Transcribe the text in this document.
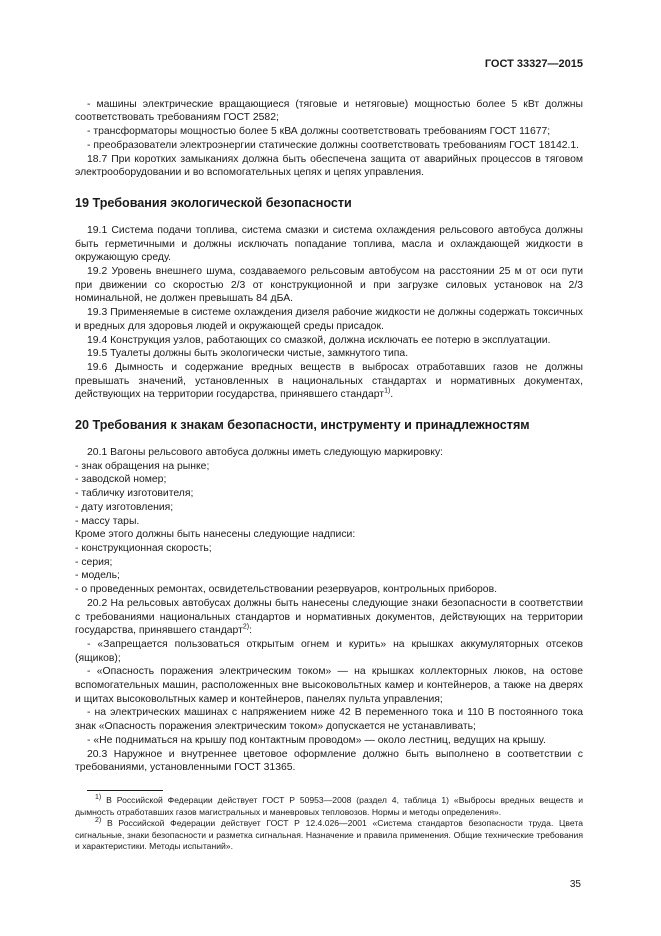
ГОСТ 33327—2015

- машины электрические вращающиеся (тяговые и нетяговые) мощностью более 5 кВт должны соответствовать требованиям ГОСТ 2582;

- трансформаторы мощностью более 5 кВА должны соответствовать требованиям ГОСТ 11677;

- преобразователи электроэнергии статические должны соответствовать требованиям ГОСТ 18142.1.

18.7 При коротких замыканиях должна быть обеспечена защита от аварийных процессов в тяговом электрооборудовании и во вспомогательных цепях и цепях управления.

19 Требования экологической безопасности

19.1 Система подачи топлива, система смазки и система охлаждения рельсового автобуса должны быть герметичными и должны исключать попадание топлива, масла и охлаждающей жидкости в окружающую среду.

19.2 Уровень внешнего шума, создаваемого рельсовым автобусом на расстоянии 25 м от оси пути при движении со скоростью 2/3 от конструкционной и при загрузке силовых установок на 2/3 номинальной, не должен превышать 84 дБА.

19.3 Применяемые в системе охлаждения дизеля рабочие жидкости не должны содержать токсичных и вредных для здоровья людей и окружающей среды присадок.

19.4 Конструкция узлов, работающих со смазкой, должна исключать ее потерю в эксплуатации.

19.5 Туалеты должны быть экологически чистые, замкнутого типа.

19.6 Дымность и содержание вредных веществ в выбросах отработавших газов не должны превышать значений, установленных в национальных стандартах и нормативных документах, действующих на территории государства, принявшего стандарт$^{1)}$.

20 Требования к знакам безопасности, инструменту и принадлежностям

20.1 Вагоны рельсового автобуса должны иметь следующую маркировку:

- знак обращения на рынке;

- заводской номер;

- табличку изготовителя;

- дату изготовления;

- массу тары.

Кроме этого должны быть нанесены следующие надписи:

- конструкционная скорость;

- серия;

- модель;

- о проведенных ремонтах, освидетельствовании резервуаров, контрольных приборов.

20.2 На рельсовых автобусах должны быть нанесены следующие знаки безопасности в соответствии с требованиями национальных стандартов и нормативных документов, действующих на территории государства, принявшего стандарт$^{2)}$:

- «Запрещается пользоваться открытым огнем и курить» на крышках аккумуляторных отсеков (ящиков);

- «Опасность поражения электрическим током» — на крышках коллекторных люков, на остове вспомогательных машин, расположенных вне высоковольтных камер и контейнеров, а также на дверях и щитах высоковольтных камер и контейнеров, панелях пульта управления;

- на электрических машинах с напряжением ниже 42 В переменного тока и 110 В постоянного тока знак «Опасность поражения электрическим током» допускается не устанавливать;

- «Не подниматься на крышу под контактным проводом» — около лестниц, ведущих на крышу.

20.3 Наружное и внутреннее цветовое оформление должно быть выполнено в соответствии с требованиями, установленными ГОСТ 31365.

$^{1)}$ В Российской Федерации действует ГОСТ Р 50953—2008 (раздел 4, таблица 1) «Выбросы вредных веществ и дымность отработавших газов магистральных и маневровых тепловозов. Нормы и методы определения».

$^{2)}$ В Российской Федерации действует ГОСТ Р 12.4.026—2001 «Система стандартов безопасности труда. Цвета сигнальные, знаки безопасности и разметка сигнальная. Назначение и правила применения. Общие технические требования и характеристики. Методы испытаний».

35
